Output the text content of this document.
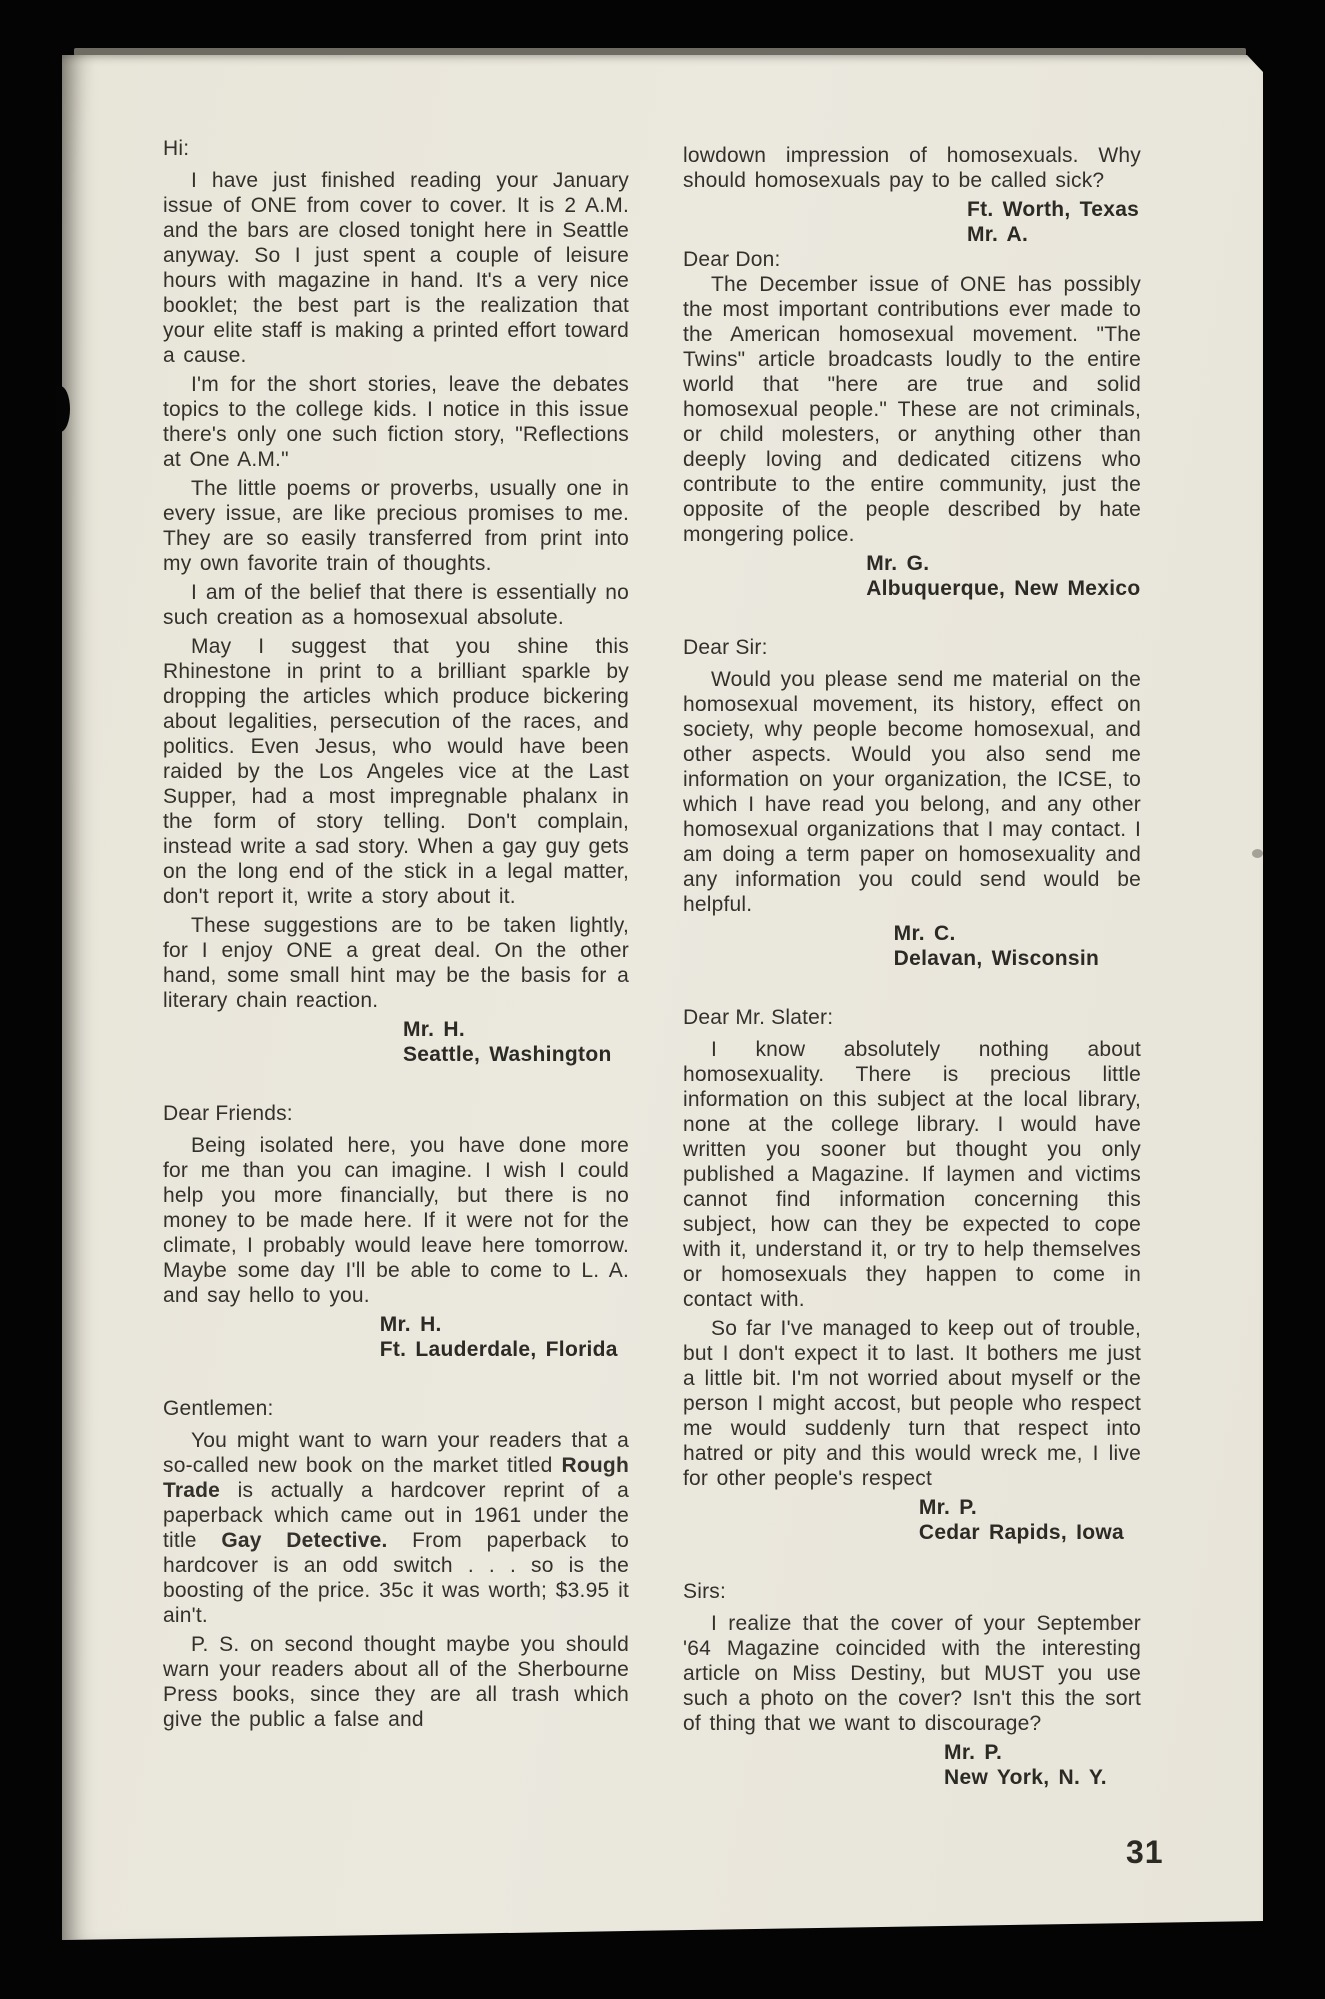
Hi:

I have just finished reading your January issue of ONE from cover to cover. It is 2 A.M. and the bars are closed tonight here in Seattle anyway. So I just spent a couple of leisure hours with magazine in hand. It's a very nice booklet; the best part is the realization that your elite staff is making a printed effort toward a cause.

I'm for the short stories, leave the debates topics to the college kids. I notice in this issue there's only one such fiction story, "Reflections at One A.M."

The little poems or proverbs, usually one in every issue, are like precious promises to me. They are so easily transferred from print into my own favorite train of thoughts.

I am of the belief that there is essentially no such creation as a homosexual absolute.

May I suggest that you shine this Rhinestone in print to a brilliant sparkle by dropping the articles which produce bickering about legalities, persecution of the races, and politics. Even Jesus, who would have been raided by the Los Angeles vice at the Last Supper, had a most impregnable phalanx in the form of story telling. Don't complain, instead write a sad story. When a gay guy gets on the long end of the stick in a legal matter, don't report it, write a story about it.

These suggestions are to be taken lightly, for I enjoy ONE a great deal. On the other hand, some small hint may be the basis for a literary chain reaction.

Mr. H.
Seattle, Washington
Dear Friends:

Being isolated here, you have done more for me than you can imagine. I wish I could help you more financially, but there is no money to be made here. If it were not for the climate, I probably would leave here tomorrow. Maybe some day I'll be able to come to L. A. and say hello to you.

Mr. H.
Ft. Lauderdale, Florida
Gentlemen:

You might want to warn your readers that a so-called new book on the market titled Rough Trade is actually a hardcover reprint of a paperback which came out in 1961 under the title Gay Detective. From paperback to hardcover is an odd switch . . . so is the boosting of the price. 35c it was worth; $3.95 it ain't.

P. S. on second thought maybe you should warn your readers about all of the Sherbourne Press books, since they are all trash which give the public a false and

lowdown impression of homosexuals. Why should homosexuals pay to be called sick?

Ft. Worth, Texas
Mr. A.
Dear Don:

The December issue of ONE has possibly the most important contributions ever made to the American homosexual movement. "The Twins" article broadcasts loudly to the entire world that "here are true and solid homosexual people." These are not criminals, or child molesters, or anything other than deeply loving and dedicated citizens who contribute to the entire community, just the opposite of the people described by hate mongering police.

Mr. G.
Albuquerque, New Mexico
Dear Sir:

Would you please send me material on the homosexual movement, its history, effect on society, why people become homosexual, and other aspects. Would you also send me information on your organization, the ICSE, to which I have read you belong, and any other homosexual organizations that I may contact. I am doing a term paper on homosexuality and any information you could send would be helpful.

Mr. C.
Delavan, Wisconsin
Dear Mr. Slater:

I know absolutely nothing about homosexuality. There is precious little information on this subject at the local library, none at the college library. I would have written you sooner but thought you only published a Magazine. If laymen and victims cannot find information concerning this subject, how can they be expected to cope with it, understand it, or try to help themselves or homosexuals they happen to come in contact with.

So far I've managed to keep out of trouble, but I don't expect it to last. It bothers me just a little bit. I'm not worried about myself or the person I might accost, but people who respect me would suddenly turn that respect into hatred or pity and this would wreck me, I live for other people's respect

Mr. P.
Cedar Rapids, Iowa
Sirs:

I realize that the cover of your September '64 Magazine coincided with the interesting article on Miss Destiny, but MUST you use such a photo on the cover? Isn't this the sort of thing that we want to discourage?

Mr. P.
New York, N. Y.
31
